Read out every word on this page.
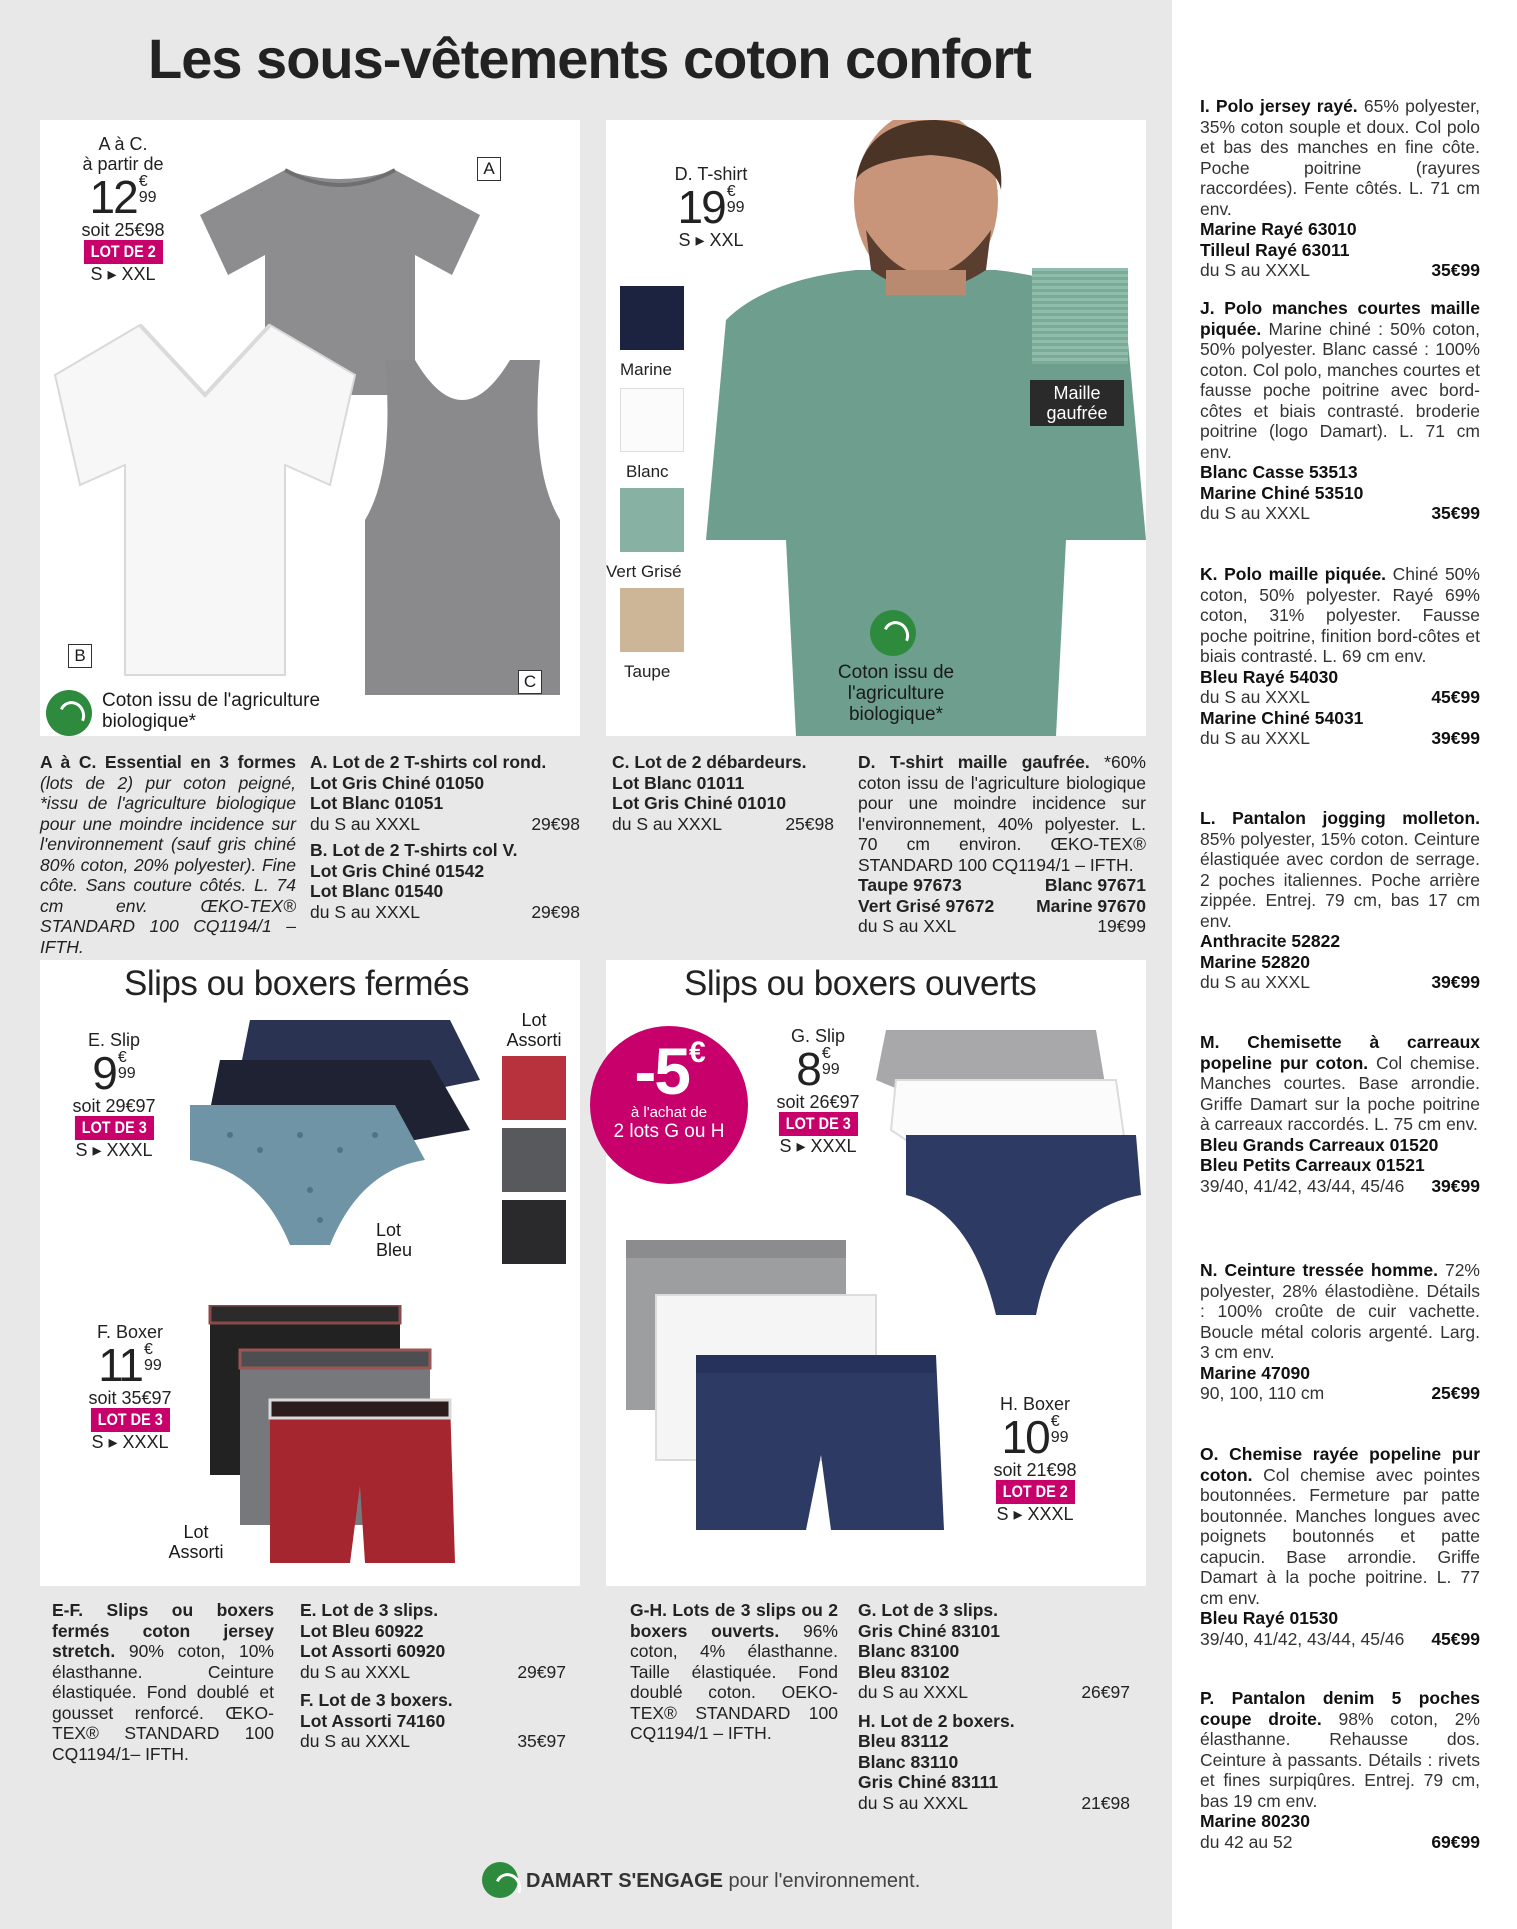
Les sous-vêtements coton confort
A
B
C
A à C.
à partir de
12 $^{€ 99}$
soit 25€98
LOT DE 2
S ▸ XXL
Coton issu de l'agriculture biologique*
D. T-shirt
19 $^{€ 99}$
S ▸ XXL
Marine
Blanc
Vert Grisé
Taupe
Maille gaufrée
Coton issu de l'agriculture biologique*
A à C. Essential en 3 formes (lots de 2) pur coton peigné, *issu de l'agriculture biologique pour une moindre incidence sur l'environnement (sauf gris chiné 80% coton, 20% polyester). Fine côte. Sans couture côtés. L. 74 cm env. ŒKO-TEX® STANDARD 100 CQ1194/1 – IFTH.
A. Lot de 2 T-shirts col rond.
Lot Gris Chiné 01050
Lot Blanc 01051
du S au XXXL	29€98
B. Lot de 2 T-shirts col V.
Lot Gris Chiné 01542
Lot Blanc 01540
du S au XXXL	29€98
C. Lot de 2 débardeurs.
Lot Blanc 01011
Lot Gris Chiné 01010
du S au XXXL	25€98
D. T-shirt maille gaufrée. *60% coton issu de l'agriculture biologique pour une moindre incidence sur l'environnement, 40% polyester. L. 70 cm environ. ŒKO-TEX® STANDARD 100 CQ1194/1 – IFTH.
Taupe 97673	Blanc 97671
Vert Grisé 97672 Marine 97670
du S au XXL	19€99
Slips ou boxers fermés
Lot Assorti
Lot Bleu
E. Slip
9 $^{€ 99}$
soit 29€97
LOT DE 3
S ▸ XXXL
Lot Assorti
F. Boxer
11 $^{€ 99}$
soit 35€97
LOT DE 3
S ▸ XXXL
Slips ou boxers ouverts
G. Slip
8 $^{€ 99}$
soit 26€97
LOT DE 3
S ▸ XXXL
H. Boxer
10 $^{€ 99}$
soit 21€98
LOT DE 2
S ▸ XXXL
-5€
à l'achat de
2 lots G ou H
E-F. Slips ou boxers fermés coton jersey stretch. 90% coton, 10% élasthanne. Ceinture élastiquée. Fond doublé et gousset renforcé. ŒKO-TEX® STANDARD 100 CQ1194/1– IFTH.
E. Lot de 3 slips.
Lot Bleu 60922
Lot Assorti 60920
du S au XXXL	29€97
F. Lot de 3 boxers.
Lot Assorti 74160
du S au XXXL	35€97
G-H. Lots de 3 slips ou 2 boxers ouverts. 96% coton, 4% élasthanne. Taille élastiquée. Fond doublé coton. OEKO-TEX® STANDARD 100 CQ1194/1 – IFTH.
G. Lot de 3 slips.
Gris Chiné 83101
Blanc 83100
Bleu 83102
du S au XXXL	26€97
H. Lot de 2 boxers.
Bleu 83112
Blanc 83110
Gris Chiné 83111
du S au XXXL	21€98
I. Polo jersey rayé. 65% polyester, 35% coton souple et doux. Col polo et bas des manches en fine côte. Poche poitrine (rayures raccordées). Fente côtés. L. 71 cm env.
Marine Rayé 63010
Tilleul Rayé 63011
du S au XXXL	35€99
J. Polo manches courtes maille piquée. Marine chiné : 50% coton, 50% polyester. Blanc cassé : 100% coton. Col polo, manches courtes et fausse poche poitrine avec bord-côtes et biais contrasté. broderie poitrine (logo Damart). L. 71 cm env.
Blanc Casse 53513
Marine Chiné 53510
du S au XXXL	35€99
K. Polo maille piquée. Chiné 50% coton, 50% polyester. Rayé 69% coton, 31% polyester. Fausse poche poitrine, finition bord-côtes et biais contrasté. L. 69 cm env.
Bleu Rayé 54030
du S au XXXL	45€99
Marine Chiné 54031
du S au XXXL	39€99
L. Pantalon jogging molleton. 85% polyester, 15% coton. Ceinture élastiquée avec cordon de serrage. 2 poches italiennes. Poche arrière zippée. Entrej. 79 cm, bas 17 cm env.
Anthracite 52822
Marine 52820
du S au XXXL	39€99
M. Chemisette à carreaux popeline pur coton. Col chemise. Manches courtes. Base arrondie. Griffe Damart sur la poche poitrine à carreaux raccordés. L. 75 cm env.
Bleu Grands Carreaux 01520
Bleu Petits Carreaux 01521
39/40, 41/42, 43/44, 45/46 39€99
N. Ceinture tressée homme. 72% polyester, 28% élastodiène. Détails : 100% croûte de cuir vachette. Boucle métal coloris argenté. Larg. 3 cm env.
Marine 47090
90, 100, 110 cm	25€99
O. Chemise rayée popeline pur coton. Col chemise avec pointes boutonnées. Fermeture par patte boutonnée. Manches longues avec poignets boutonnés et patte capucin. Base arrondie. Griffe Damart à la poche poitrine. L. 77 cm env.
Bleu Rayé 01530
39/40, 41/42, 43/44, 45/46 45€99
P. Pantalon denim 5 poches coupe droite. 98% coton, 2% élasthanne. Rehausse dos. Ceinture à passants. Détails : rivets et fines surpiqûres. Entrej. 79 cm, bas 19 cm env.
Marine 80230
du 42 au 52	69€99
DAMART S'ENGAGE pour l'environnement.
